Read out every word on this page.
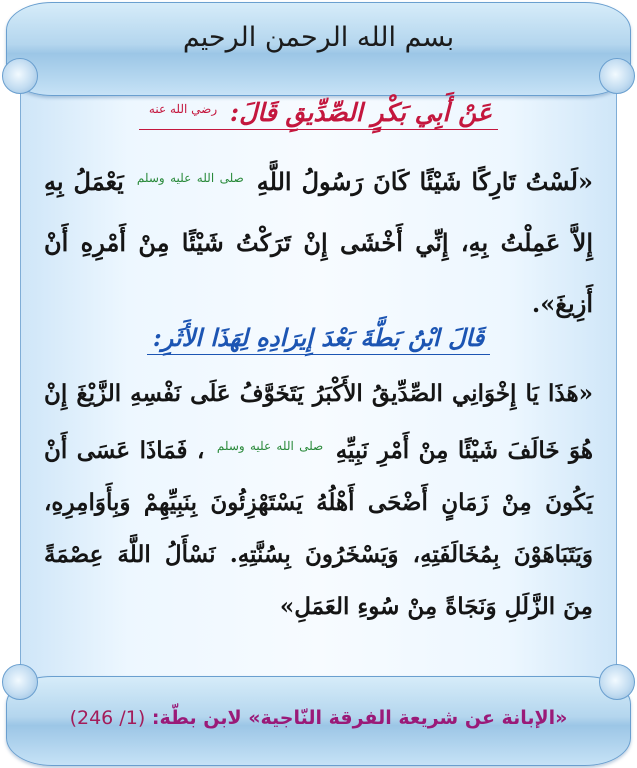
بسم الله الرحمن الرحيم
عَنْ أَبِي بَكْرٍ الصِّدِّيقِ قَالَ: $^{رضي الله عنه}$
«لَسْتُ تَارِكًا شَيْئًا كَانَ رَسُولُ اللَّهِ $^{صلى الله عليه وسلم}$ يَعْمَلُ بِهِ إِلاَّ عَمِلْتُ بِهِ، إِنِّي أَخْشَى إِنْ تَرَكْتُ شَيْئًا مِنْ أَمْرِهِ أَنْ أَزِيغَ».
قَالَ ابْنُ بَطَّةَ بَعْدَ إِيرَادِهِ لِهَذَا الأَثَرِ:
«هَذَا يَا إِخْوَانِي الصِّدِّيقُ الأَكْبَرُ يَتَخَوَّفُ عَلَى نَفْسِهِ الزَّيْغَ إِنْ هُوَ خَالَفَ شَيْئًا مِنْ أَمْرِ نَبِيِّهِ $^{صلى الله عليه وسلم}$ ، فَمَاذَا عَسَى أَنْ يَكُونَ مِنْ زَمَانٍ أَضْحَى أَهْلُهُ يَسْتَهْزِئُونَ بِنَبِيِّهِمْ وَبِأَوَامِرِهِ، وَيَتَبَاهَوْنَ بِمُخَالَفَتِهِ، وَيَسْخَرُونَ بِسُنَّتِهِ. نَسْأَلُ اللَّهَ عِصْمَةً مِنَ الزَّلَلِ وَنَجَاةً مِنْ سُوءِ العَمَلِ»
«الإبانة عن شريعة الفرقة النّاجية» لابن بطّة: (1/ 246)
